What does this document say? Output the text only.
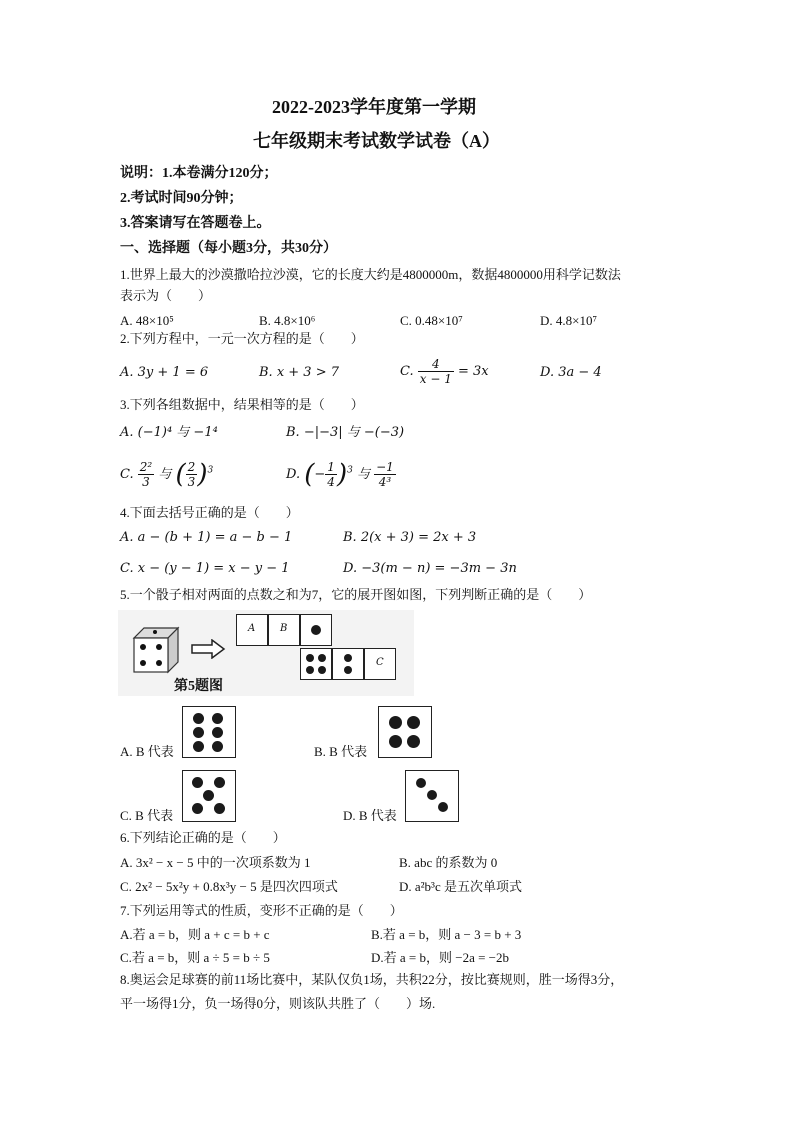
2022-2023学年度第一学期
七年级期末考试数学试卷（A）
说明：1.本卷满分120分；
2.考试时间90分钟；
3.答案请写在答题卷上。
一、选择题（每小题3分，共30分）
1.世界上最大的沙漠撒哈拉沙漠，它的长度大约是4800000m，数据4800000用科学记数法
表示为（　　）
A. 48×10⁵	B. 4.8×10⁶	C. 0.48×10⁷	D. 4.8×10⁷
2.下列方程中，一元一次方程的是（　　）
A. 3y + 1 = 6	B. x + 3 > 7	C. $\frac{4}{x - 1} = 3x$	D. 3a − 4
3.下列各组数据中，结果相等的是（　　）
A. (−1)⁴ 与 −1⁴	B. −|−3| 与 −(−3)
C. $\frac{\text{2²}}{3}$ 与 ( $\frac{2}{3} )^3$	D. (− $\frac{1}{4} )^3$ 与 $\frac{-1}{\text{4³}}$
4.下面去括号正确的是（　　）
A. a − (b + 1) = a − b − 1	B. 2(x + 3) = 2x + 3
C. x − (y − 1) = x − y − 1	D. −3(m − n) = −3m − 3n
5.一个骰子相对两面的点数之和为7，它的展开图如图，下列判断正确的是（　　）
A B
C
第5题图
A. B 代表	B. B 代表
C. B 代表	D. B 代表
6.下列结论正确的是（　　）
A. 3x² − x − 5 中的一次项系数为 1	B. abc 的系数为 0
C. 2x² − 5x²y + 0.8x³y − 5 是四次四项式	D. a²b³c 是五次单项式
7.下列运用等式的性质，变形不正确的是（　　）
A.若 a = b，则 a + c = b + c	B.若 a = b，则 a − 3 = b + 3
C.若 a = b，则 a ÷ 5 = b ÷ 5	D.若 a = b，则 −2a = −2b
8.奥运会足球赛的前11场比赛中，某队仅负1场，共积22分，按比赛规则，胜一场得3分，
平一场得1分，负一场得0分，则该队共胜了（　　）场.
